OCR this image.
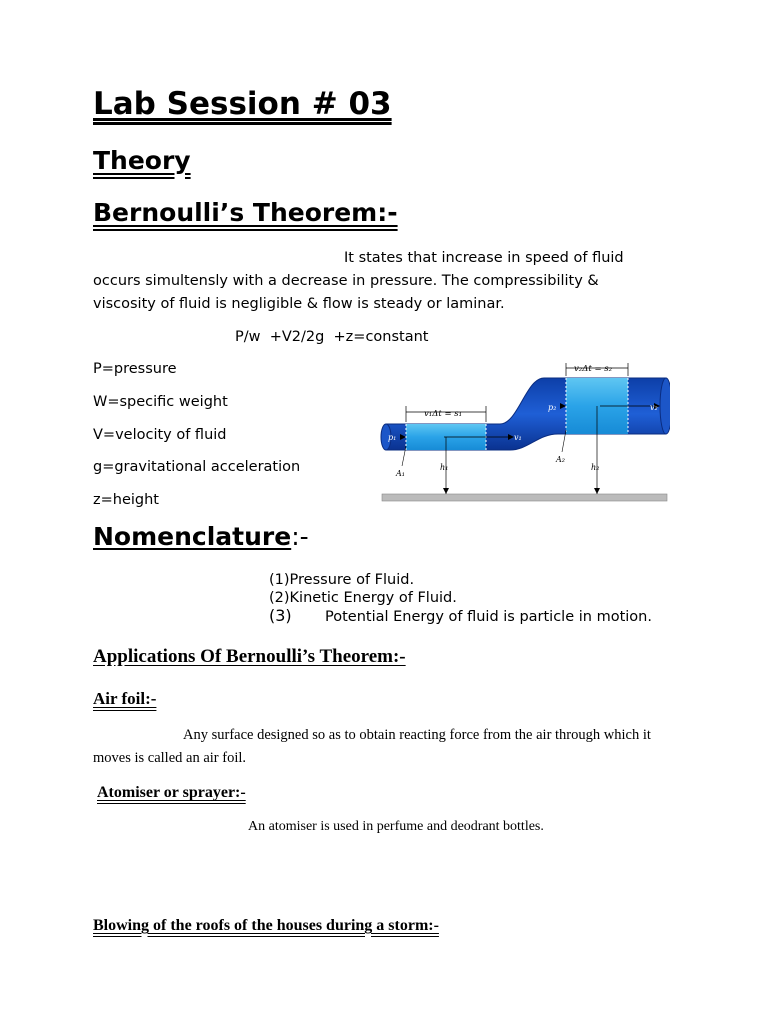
Lab Session # 03
Theory
Bernoulli’s Theorem:-
It states that increase in speed of fluid
occurs simultensly with a decrease in pressure. The compressibility &
viscosity of fluid is negligible & flow is steady or laminar.
P/w  +V2/2g  +z=constant
P=pressure
W=specific weight
V=velocity of fluid
g=gravitational acceleration
z=height
v₁Δt = s₁
v₂Δt = s₂
p₁
p₂
v₁
v₂
A₁
A₂
h₁	h₂
Nomenclature:-
(1)Pressure of Fluid.
(2)Kinetic Energy of Fluid.
(3) Potential Energy of fluid is particle in motion.
Applications Of Bernoulli’s Theorem:-
Air foil:-
Any surface designed so as to obtain reacting force from the air through which it
moves is called an air foil.
Atomiser or sprayer:-
An atomiser is used in perfume and deodrant bottles.
Blowing of the roofs of the houses during a storm:-
